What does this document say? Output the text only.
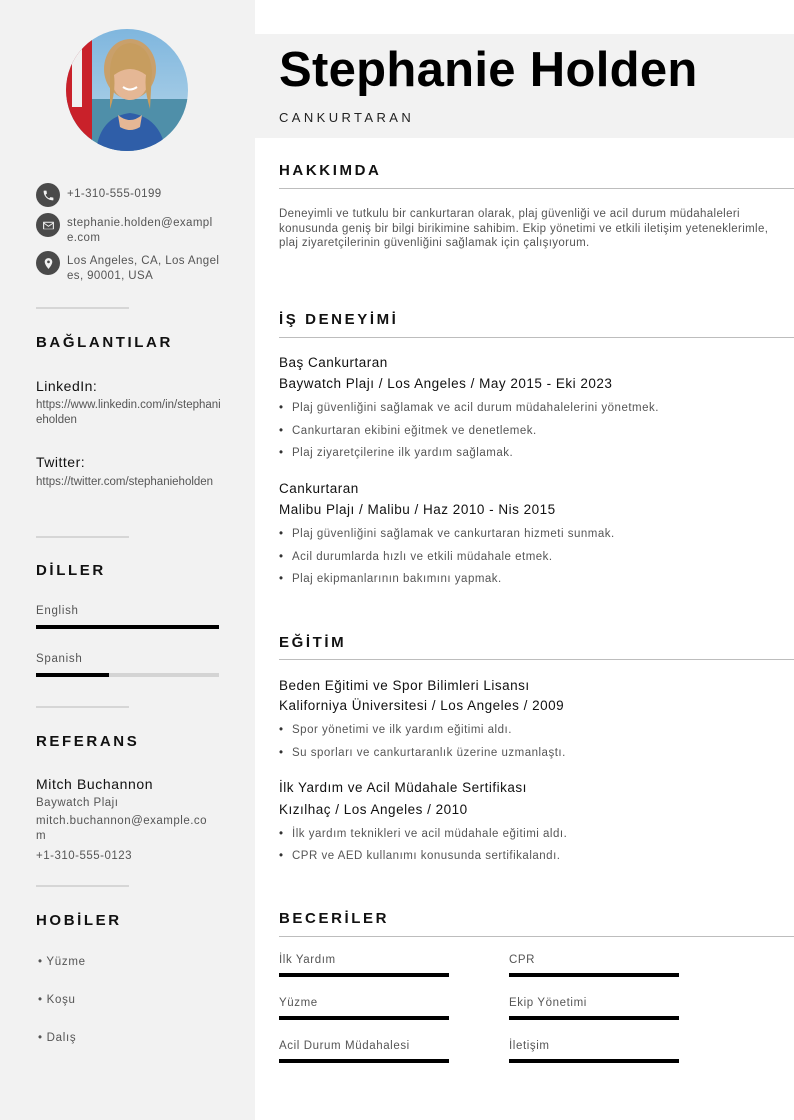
+1-310-555-0199
stephanie.holden@example.com
Los Angeles, CA, Los Angeles, 90001, USA
BAĞLANTILAR
LinkedIn:
https://www.linkedin.com/in/stephanieholden
Twitter:
https://twitter.com/stephanieholden
DİLLER
English
Spanish
REFERANS
Mitch Buchannon
Baywatch Plajı
mitch.buchannon@example.com
+1-310-555-0123
HOBİLER
• Yüzme
• Koşu
• Dalış
Stephanie Holden
CANKURTARAN
HAKKIMDA
Deneyimli ve tutkulu bir cankurtaran olarak, plaj güvenliği ve acil durum müdahaleleri konusunda geniş bir bilgi birikimine sahibim. Ekip yönetimi ve etkili iletişim yeteneklerimle, plaj ziyaretçilerinin güvenliğini sağlamak için çalışıyorum.
İŞ DENEYİMİ
Baş Cankurtaran
Baywatch Plajı / Los Angeles / May 2015 - Eki 2023
• Plaj güvenliğini sağlamak ve acil durum müdahalelerini yönetmek.
• Cankurtaran ekibini eğitmek ve denetlemek.
• Plaj ziyaretçilerine ilk yardım sağlamak.
Cankurtaran
Malibu Plajı / Malibu / Haz 2010 - Nis 2015
• Plaj güvenliğini sağlamak ve cankurtaran hizmeti sunmak.
• Acil durumlarda hızlı ve etkili müdahale etmek.
• Plaj ekipmanlarının bakımını yapmak.
EĞİTİM
Beden Eğitimi ve Spor Bilimleri Lisansı
Kaliforniya Üniversitesi / Los Angeles / 2009
• Spor yönetimi ve ilk yardım eğitimi aldı.
• Su sporları ve cankurtaranlık üzerine uzmanlaştı.
İlk Yardım ve Acil Müdahale Sertifikası
Kızılhaç / Los Angeles / 2010
• İlk yardım teknikleri ve acil müdahale eğitimi aldı.
• CPR ve AED kullanımı konusunda sertifikalandı.
BECERİLER
İlk Yardım	CPR
Yüzme	Ekip Yönetimi
Acil Durum Müdahalesi	İletişim
